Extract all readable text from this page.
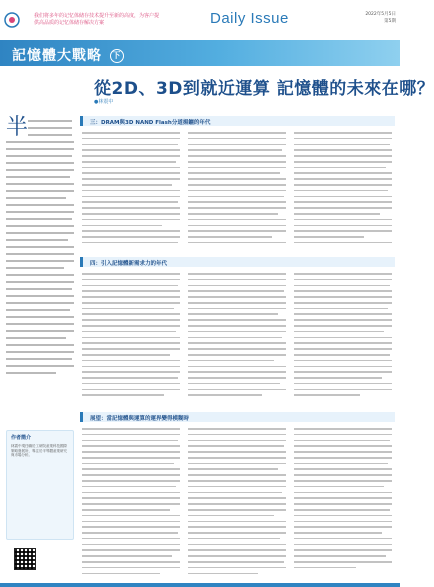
我们将多年的记忆体储存技术提升至新的高度，为客户提供高品质的记忆体储存解决方案	Daily Issue	2022年5月5日
第5期
記憶體大戰略 下
從2D、3D到就近運算 記憶體的未來在哪？
●林震中
半
作者簡介
林震中現任職於工研院產業科技國際策略發展所，專注於半導體產業研究與市場分析。
三：DRAM與3D NAND Flash分道揚鑣的年代
四：引入記憶體新需求力的年代
展望：當記憶體與運算的運界變得模糊時
